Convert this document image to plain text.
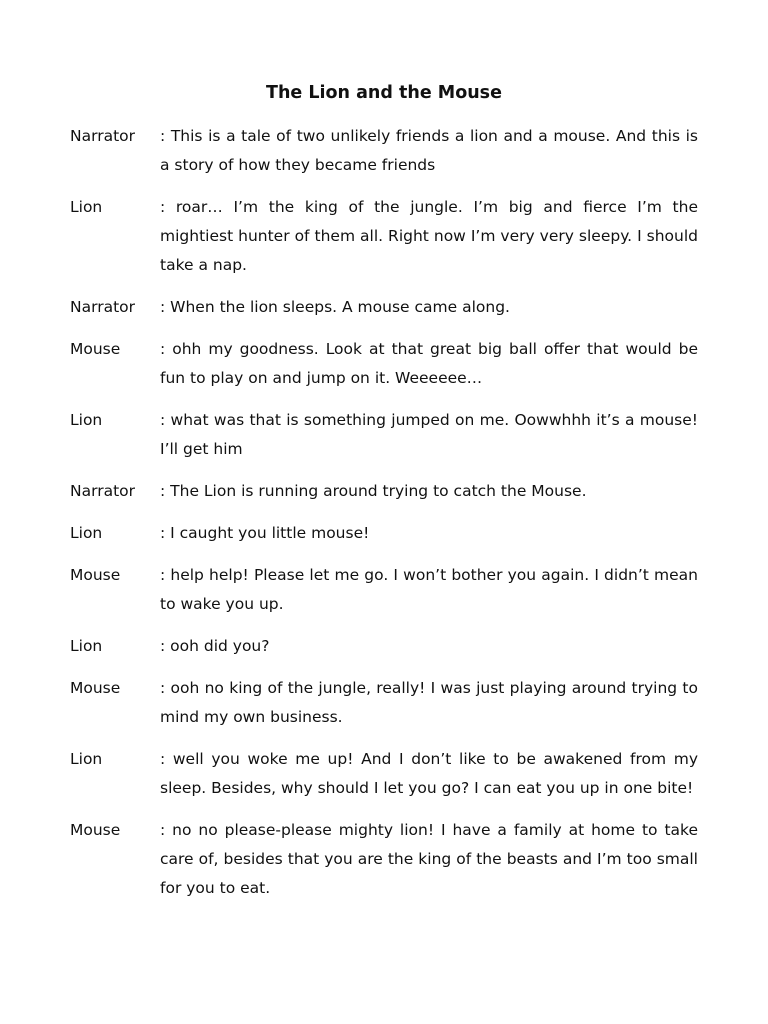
The Lion and the Mouse
Narrator	: This is a tale of two unlikely friends a lion and a mouse. And this is a story of how they became friends
Lion	: roar… I’m the king of the jungle. I’m big and fierce I’m the mightiest hunter of them all. Right now I’m very very sleepy. I should take a nap.
Narrator	: When the lion sleeps. A mouse came along.
Mouse	: ohh my goodness. Look at that great big ball offer that would be fun to play on and jump on it. Weeeeee…
Lion	: what was that is something jumped on me. Oowwhhh it’s a mouse! I’ll get him
Narrator	: The Lion is running around trying to catch the Mouse.
Lion	: I caught you little mouse!
Mouse	: help help! Please let me go. I won’t bother you again. I didn’t mean to wake you up.
Lion	: ooh did you?
Mouse	: ooh no king of the jungle, really! I was just playing around trying to mind my own business.
Lion	: well you woke me up! And I don’t like to be awakened from my sleep. Besides, why should I let you go? I can eat you up in one bite!
Mouse	: no no please-please mighty lion! I have a family at home to take care of, besides that you are the king of the beasts and I’m too small for you to eat.
